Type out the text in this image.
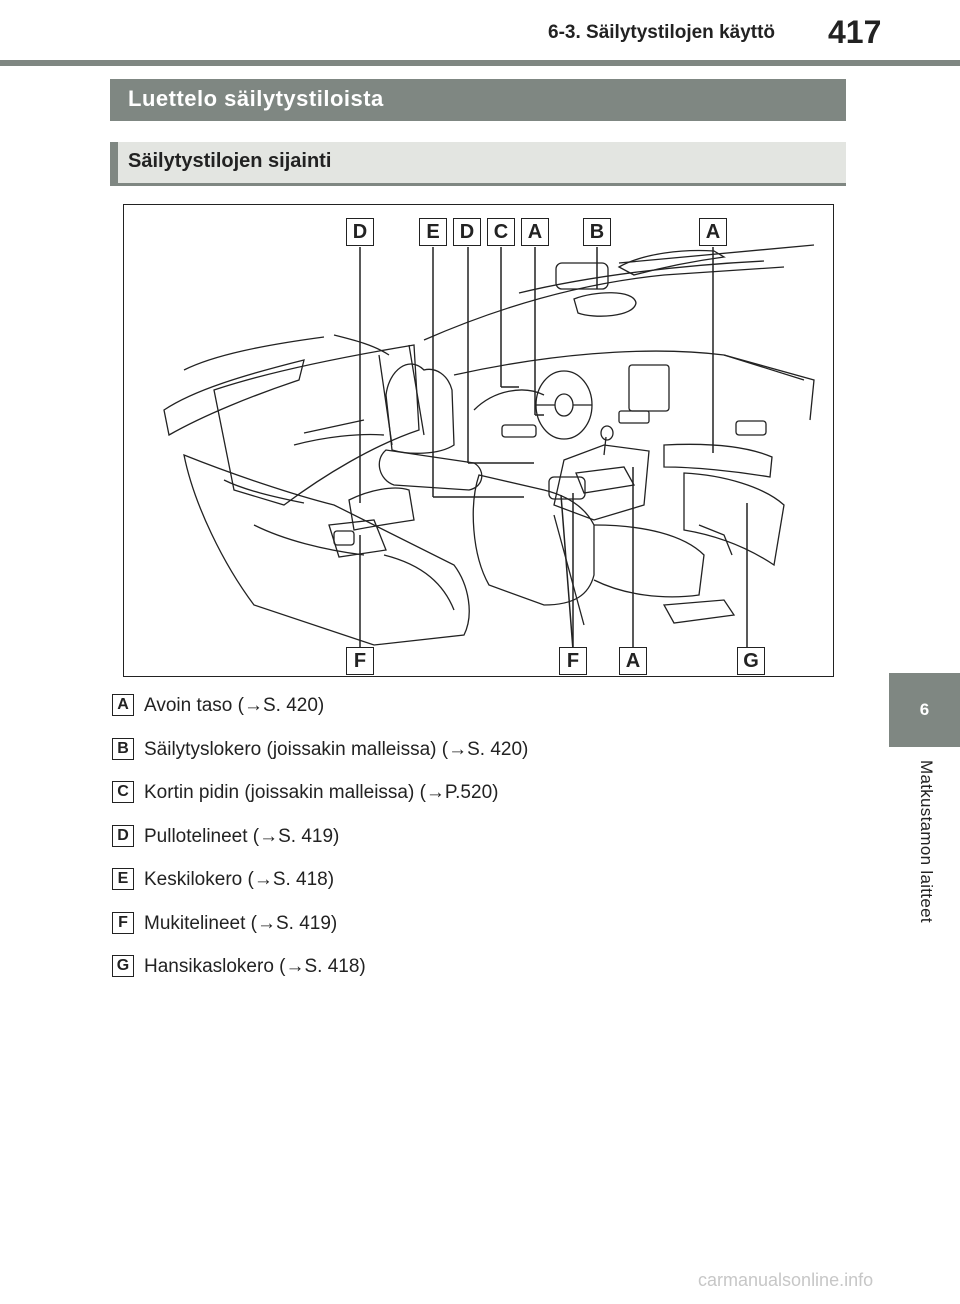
6-3. Säilytystilojen käyttö 417
Luettelo säilytystiloista
Säilytystilojen sijainti
D	E	D C A	B	A
F	F	A	G
A Avoin taso (→S. 420)
B Säilytyslokero (joissakin malleissa) (→S. 420)
C Kortin pidin (joissakin malleissa) (→P.520)
D Pullotelineet (→S. 419)
E Keskilokero (→S. 418)
F Mukitelineet (→S. 419)
G Hansikaslokero (→S. 418)
6
Matkustamon laitteet
carmanualsonline.info
